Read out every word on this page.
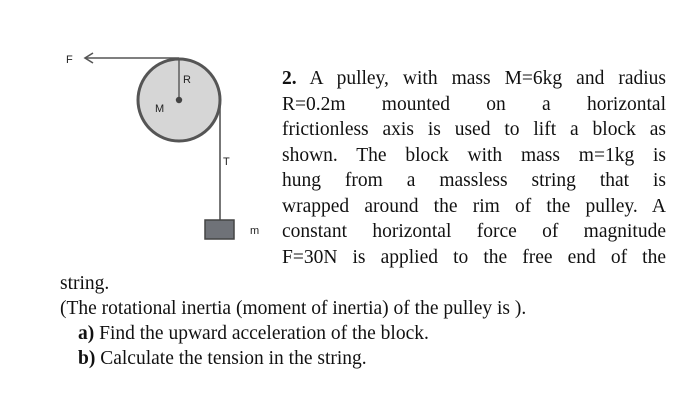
F
R
M
T
m
2. A pulley, with mass M=6kg and radius
R=0.2m mounted on a horizontal
frictionless axis is used to lift a block as
shown. The block with mass m=1kg is
hung from a massless string that is
wrapped around the rim of the pulley. A
constant horizontal force of magnitude
F=30N is applied to the free end of the
string.
(The rotational inertia (moment of inertia) of the pulley is ).
a) Find the upward acceleration of the block.
b) Calculate the tension in the string.
